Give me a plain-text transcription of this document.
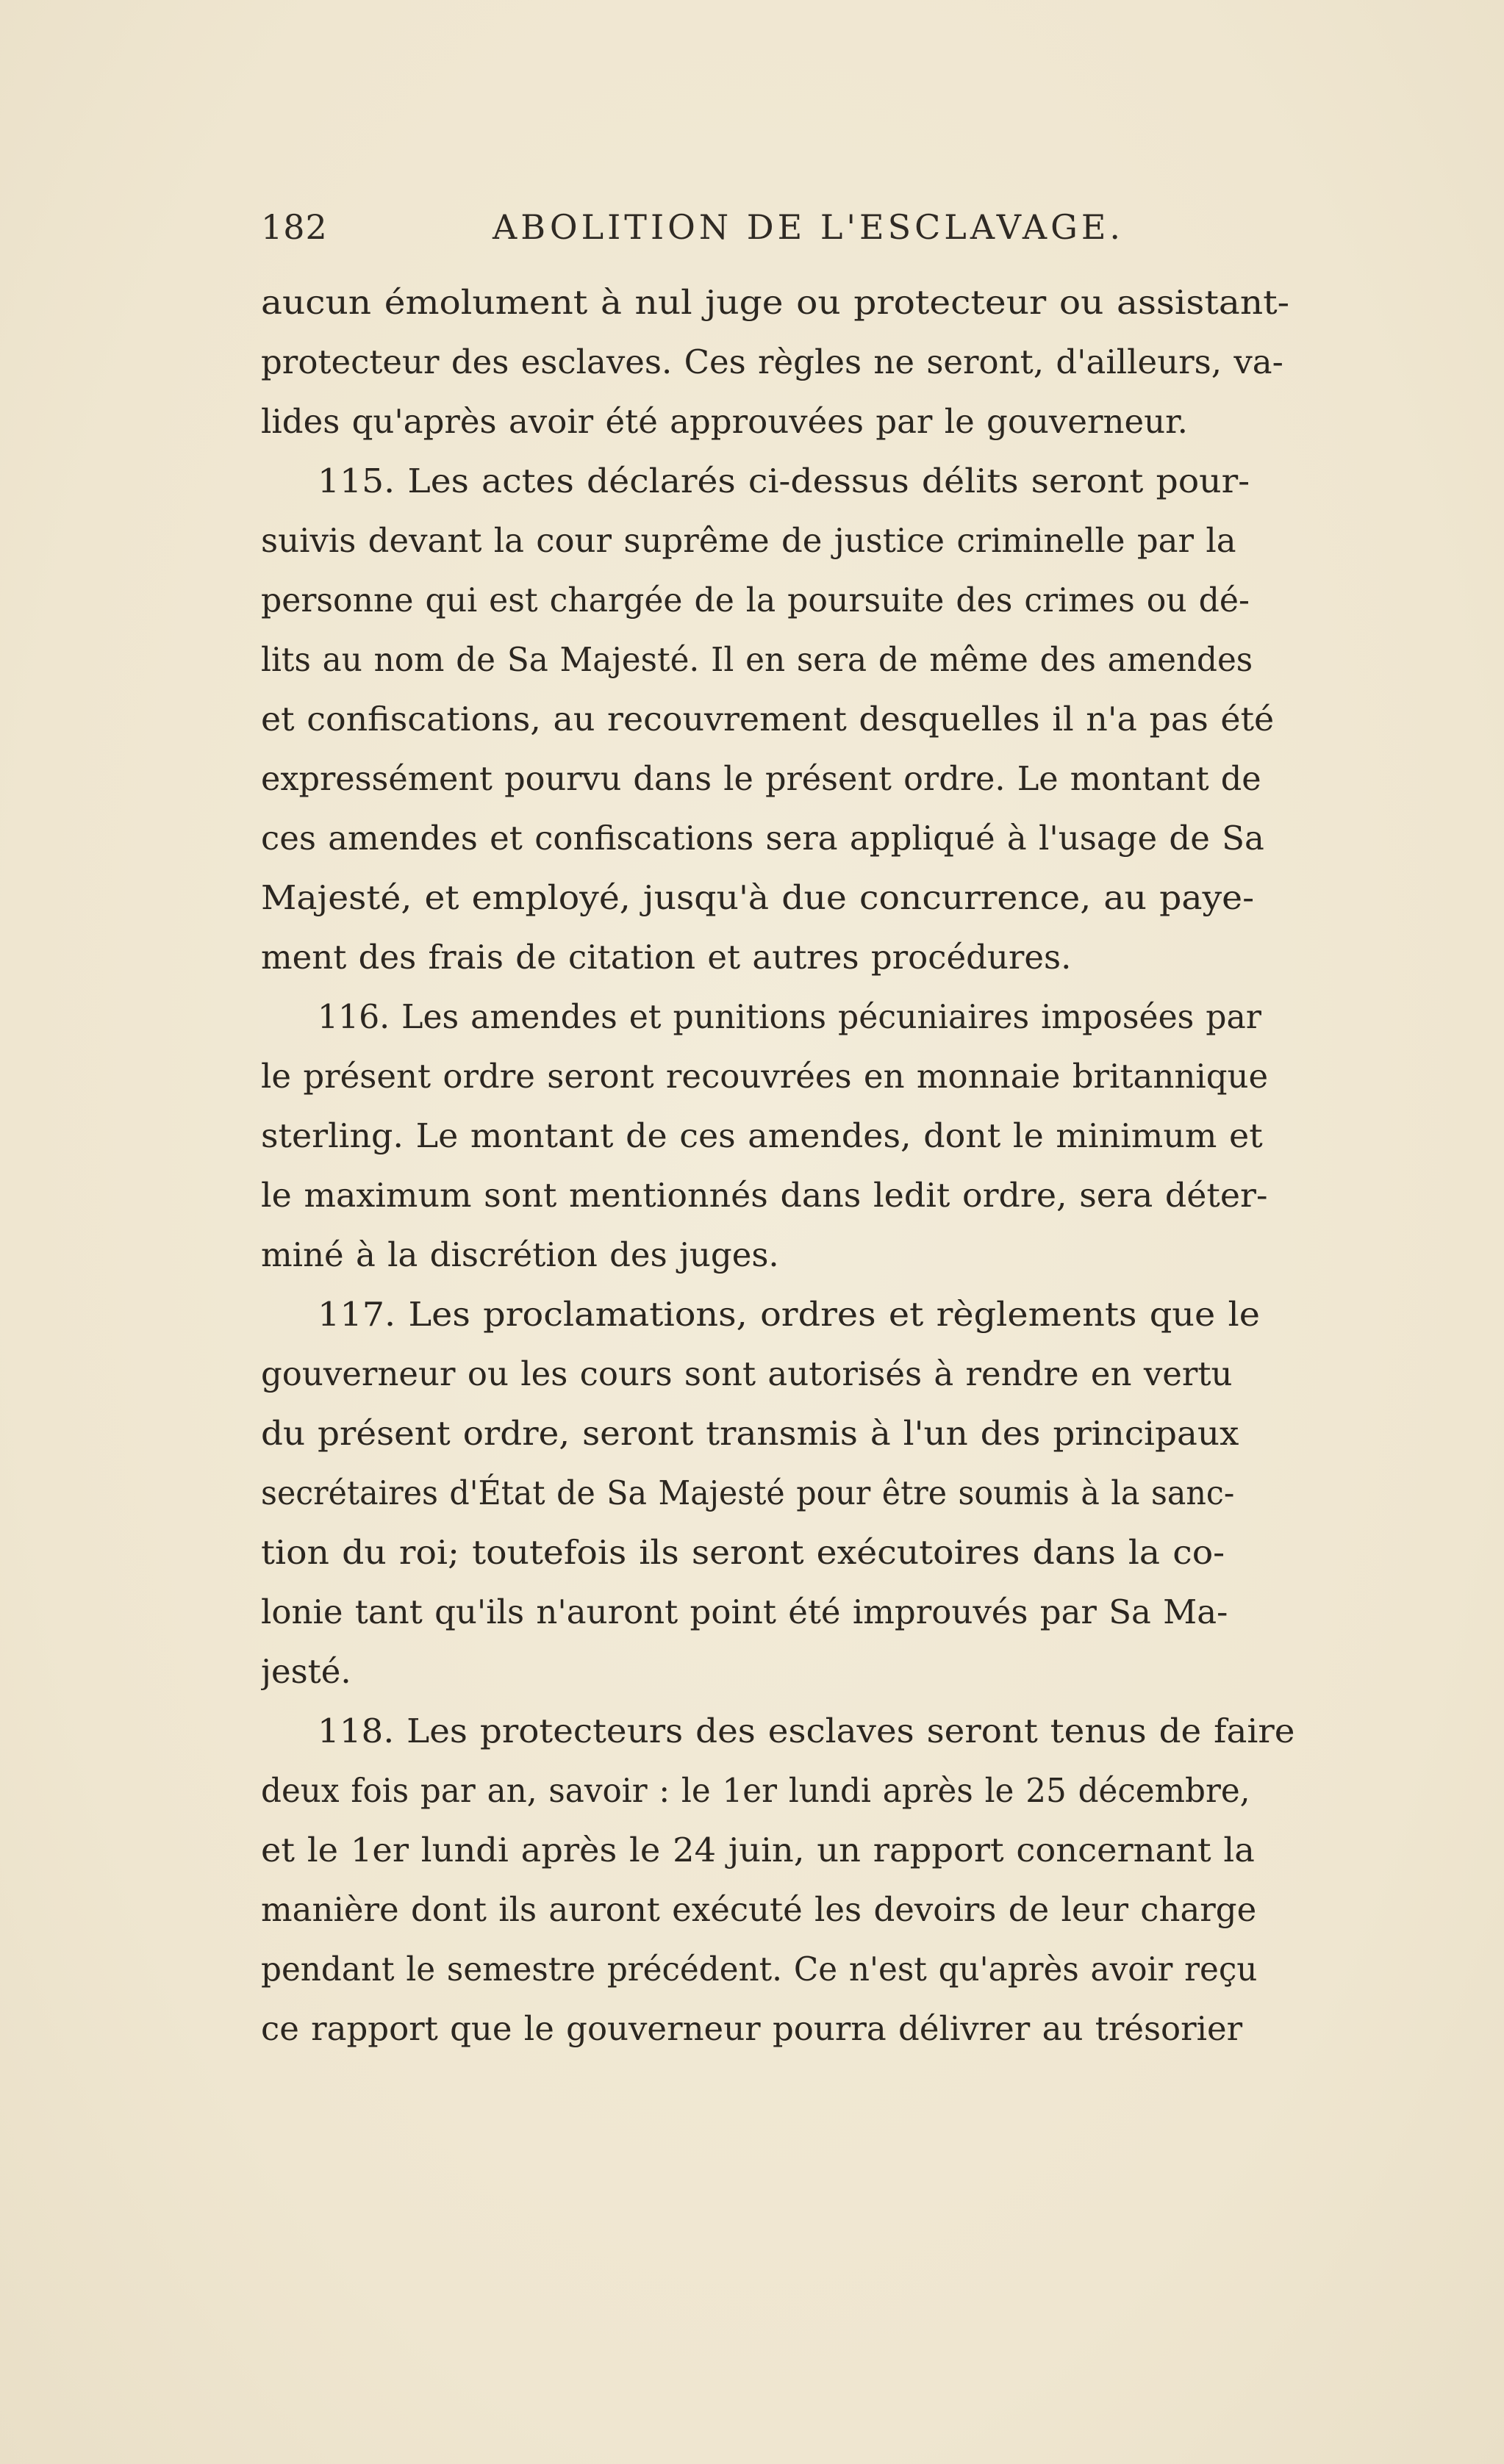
182	ABOLITION DE L'ESCLAVAGE.
aucun émolument à nul juge ou protecteur ou assistant-
protecteur des esclaves. Ces règles ne seront, d'ailleurs, va-
lides qu'après avoir été approuvées par le gouverneur.
115. Les actes déclarés ci-dessus délits seront pour-
suivis devant la cour suprême de justice criminelle par la
personne qui est chargée de la poursuite des crimes ou dé-
lits au nom de Sa Majesté. Il en sera de même des amendes
et confiscations, au recouvrement desquelles il n'a pas été
expressément pourvu dans le présent ordre. Le montant de
ces amendes et confiscations sera appliqué à l'usage de Sa
Majesté, et employé, jusqu'à due concurrence, au paye-
ment des frais de citation et autres procédures.
116. Les amendes et punitions pécuniaires imposées par
le présent ordre seront recouvrées en monnaie britannique
sterling. Le montant de ces amendes, dont le minimum et
le maximum sont mentionnés dans ledit ordre, sera déter-
miné à la discrétion des juges.
117. Les proclamations, ordres et règlements que le
gouverneur ou les cours sont autorisés à rendre en vertu
du présent ordre, seront transmis à l'un des principaux
secrétaires d'État de Sa Majesté pour être soumis à la sanc-
tion du roi; toutefois ils seront exécutoires dans la co-
lonie tant qu'ils n'auront point été improuvés par Sa Ma-
jesté.
118. Les protecteurs des esclaves seront tenus de faire
deux fois par an, savoir : le 1er lundi après le 25 décembre,
et le 1er lundi après le 24 juin, un rapport concernant la
manière dont ils auront exécuté les devoirs de leur charge
pendant le semestre précédent. Ce n'est qu'après avoir reçu
ce rapport que le gouverneur pourra délivrer au trésorier
